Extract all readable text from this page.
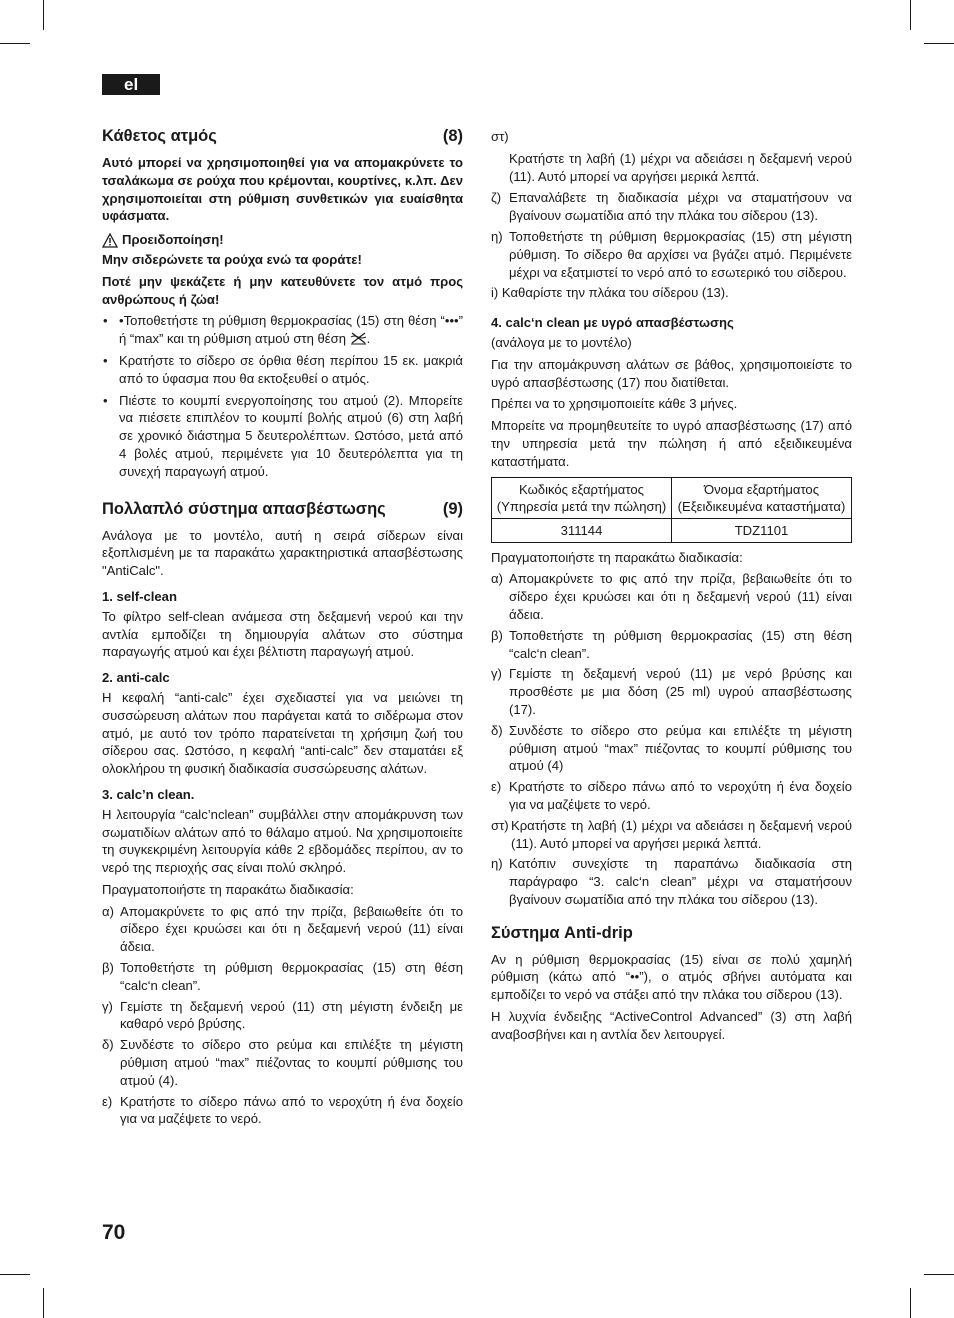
el
Κάθετος ατμός	(8)

Αυτό μπορεί να χρησιμοποιηθεί για να απομακρύνετε το τσαλάκωμα σε ρούχα που κρέμονται, κουρτίνες, κ.λπ. Δεν χρησιμοποιείται στη ρύθμιση συνθετικών για ευαίσθητα υφάσματα.

Προειδοποίηση!

Μην σιδερώνετε τα ρούχα ενώ τα φοράτε!

Ποτέ μην ψεκάζετε ή μην κατευθύνετε τον ατμό προς ανθρώπους ή ζώα!

• •Τοποθετήστε τη ρύθμιση θερμοκρασίας (15) στη θέση “•••” ή “max” και τη ρύθμιση ατμού στη θέση .
• Κρατήστε το σίδερο σε όρθια θέση περίπου 15 εκ. μακριά από το ύφασμα που θα εκτοξευθεί ο ατμός.
• Πιέστε το κουμπί ενεργοποίησης του ατμού (2). Μπορείτε να πιέσετε επιπλέον το κουμπί βολής ατμού (6) στη λαβή σε χρονικό διάστημα 5 δευτερολέπτων. Ωστόσο, μετά από 4 βολές ατμού, περιμένετε για 10 δευτερόλεπτα για τη συνεχή παραγωγή ατμού.
Πολλαπλό σύστημα απασβέστωσης	(9)

Ανάλογα με το μοντέλο, αυτή η σειρά σίδερων είναι εξοπλισμένη με τα παρακάτω χαρακτηριστικά απασβέστωσης "AntiCalc".

1. self-clean

Το φίλτρο self-clean ανάμεσα στη δεξαμενή νερού και την αντλία εμποδίζει τη δημιουργία αλάτων στο σύστημα παραγωγής ατμού και έχει βέλτιστη παραγωγή ατμού.

2. anti-calc

Η κεφαλή “anti-calc” έχει σχεδιαστεί για να μειώνει τη συσσώρευση αλάτων που παράγεται κατά το σιδέρωμα στον ατμό, με αυτό τον τρόπο παρατείνεται τη χρήσιμη ζωή του σίδερου σας. Ωστόσο, η κεφαλή “anti-calc” δεν σταματάει εξ ολοκλήρου τη φυσική διαδικασία συσσώρευσης αλάτων.

3. calc’n clean.

Η λειτουργία “calc’nclean” συμβάλλει στην απομάκρυνση των σωματιδίων αλάτων από το θάλαμο ατμού. Να χρησιμοποιείτε τη συγκεκριμένη λειτουργία κάθε 2 εβδομάδες περίπου, αν το νερό της περιοχής σας είναι πολύ σκληρό.

Πραγματοποιήστε τη παρακάτω διαδικασία:

α) Απομακρύνετε το φις από την πρίζα, βεβαιωθείτε ότι το σίδερο έχει κρυώσει και ότι η δεξαμενή νερού (11) είναι άδεια.
β) Τοποθετήστε τη ρύθμιση θερμοκρασίας (15) στη θέση “calc‘n clean”.
γ) Γεμίστε τη δεξαμενή νερού (11) στη μέγιστη ένδειξη με καθαρό νερό βρύσης.
δ) Συνδέστε το σίδερο στο ρεύμα και επιλέξτε τη μέγιστη ρύθμιση ατμού “max” πιέζοντας το κουμπί ρύθμισης του ατμού (4).
ε) Κρατήστε το σίδερο πάνω από το νεροχύτη ή ένα δοχείο για να μαζέψετε το νερό.

στ)

Κρατήστε τη λαβή (1) μέχρι να αδειάσει η δεξαμενή νερού (11). Αυτό μπορεί να αργήσει μερικά λεπτά.

ζ) Επαναλάβετε τη διαδικασία μέχρι να σταματήσουν να βγαίνουν σωματίδια από την πλάκα του σίδερου (13).
η) Τοποθετήστε τη ρύθμιση θερμοκρασίας (15) στη μέγιστη ρύθμιση. Το σίδερο θα αρχίσει να βγάζει ατμό. Περιμένετε μέχρι να εξατμιστεί το νερό από το εσωτερικό του σίδερου.

i) Καθαρίστε την πλάκα του σίδερου (13).

4. calc‘n clean με υγρό απασβέστωσης

(ανάλογα με το μοντέλο)

Για την απομάκρυνση αλάτων σε βάθος, χρησιμοποιείστε το υγρό απασβέστωσης (17) που διατίθεται.

Πρέπει να το χρησιμοποιείτε κάθε 3 μήνες.

Μπορείτε να προμηθευτείτε το υγρό απασβέστωσης (17) από την υπηρεσία μετά την πώληση ή από εξειδικευμένα καταστήματα.

Κωδικός εξαρτήματος
(Υπηρεσία μετά την πώληση)	Όνομα εξαρτήματος (Εξειδικευμένα καταστήματα)
311144	TDZ1101

Πραγματοποιήστε τη παρακάτω διαδικασία:

α) Απομακρύνετε το φις από την πρίζα, βεβαιωθείτε ότι το σίδερο έχει κρυώσει και ότι η δεξαμενή νερού (11) είναι άδεια.
β) Τοποθετήστε τη ρύθμιση θερμοκρασίας (15) στη θέση “calc‘n clean”.
γ) Γεμίστε τη δεξαμενή νερού (11) με νερό βρύσης και προσθέστε με μια δόση (25 ml) υγρού απασβέστωσης (17).
δ) Συνδέστε το σίδερο στο ρεύμα και επιλέξτε τη μέγιστη ρύθμιση ατμού “max” πιέζοντας το κουμπί ρύθμισης του ατμού (4)
ε) Κρατήστε το σίδερο πάνω από το νεροχύτη ή ένα δοχείο για να μαζέψετε το νερό.
στ) Κρατήστε τη λαβή (1) μέχρι να αδειάσει η δεξαμενή νερού (11). Αυτό μπορεί να αργήσει μερικά λεπτά.
η) Κατόπιν συνεχίστε τη παραπάνω διαδικασία στη παράγραφο “3. calc‘n clean” μέχρι να σταματήσουν βγαίνουν σωματίδια από την πλάκα του σίδερου (13).
Σύστημα Anti-drip

Αν η ρύθμιση θερμοκρασίας (15) είναι σε πολύ χαμηλή ρύθμιση (κάτω από “••”), ο ατμός σβήνει αυτόματα και εμποδίζει το νερό να στάξει από την πλάκα του σίδερου (13).

Η λυχνία ένδειξης “ActiveControl Advanced” (3) στη λαβή αναβοσβήνει και η αντλία δεν λειτουργεί.

70
